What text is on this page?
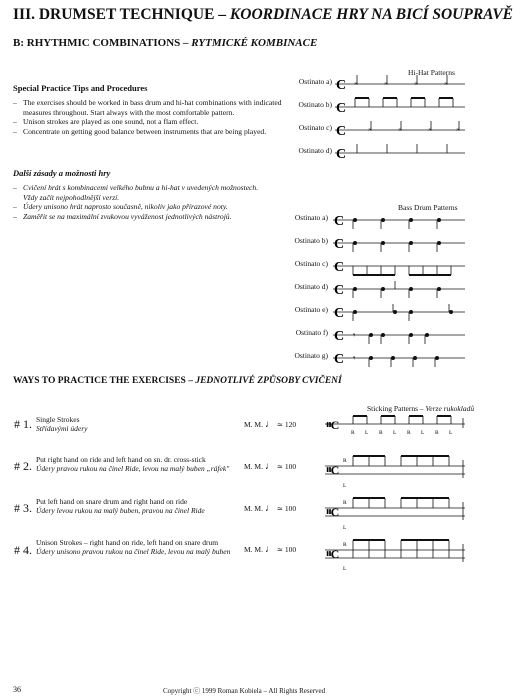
III. DRUMSET TECHNIQUE – KOORDINACE HRY NA BICÍ SOUPRAVĚ
B: RHYTHMIC COMBINATIONS – RYTMICKÉ KOMBINACE
Special Practice Tips and Procedures
– The exercises should be worked in bass drum and hi-hat combinations with indicated measures throughout. Start always with the most comfortable pattern.
– Unison strokes are played as one sound, not a flam effect.
– Concentrate on getting good balance between instruments that are being played.
Další zásady a možnosti hry
– Cvičení hrát s kombinacemi velkého bubnu a hi-hat v uvedených možnostech. Vždy začít nejpohodlnější verzí.
– Údery unisono hrát naprosto současně, nikoliv jako přírazové noty.
– Zaměřit se na maximální zvukovou vyváženost jednotlivých nástrojů.
Hi-Hat Patterns
Ostinato a)
Ostinato b)
Ostinato c)
Ostinato d)
C
C
C
C
×	×	×	×
×	×	×	×
Bass Drum Patterns
Ostinato a)
Ostinato b)
Ostinato c)
Ostinato d)
Ostinato e)
Ostinato f)
Ostinato g)
C
C
C
C
C
C
C
𝄾
𝄾
WAYS TO PRACTICE THE EXERCISES – JEDNOTLIVÉ ZPŮSOBY CVIČENÍ
Sticking Patterns – Verze rukokladů
# 1. Single Strokes
Střídavými údery	M. M. ♩ ≃ 120
# 2. Put right hand on ride and left hand on sn. dr. cross-stick
Údery pravou rukou na činel Ride, levou na malý buben „ráfek"	M. M. ♩ ≃ 100
# 3. Put left hand on snare drum and right hand on ride
Údery levou rukou na malý buben, pravou na činel Ride	M. M. ♩ ≃ 100
# 4.
Unison Strokes – right hand on ride, left hand on snare drum
Údery unisono pravou rukou na činel Ride, levou na malý buben	M. M. ♩ ≃ 100
𝄥C
𝄥C
𝄥C
𝄥C
R L R L R L R L
R
L
R
L
R
L
36	Copyright ⓒ 1999 Roman Kobiela – All Rights Reserved
